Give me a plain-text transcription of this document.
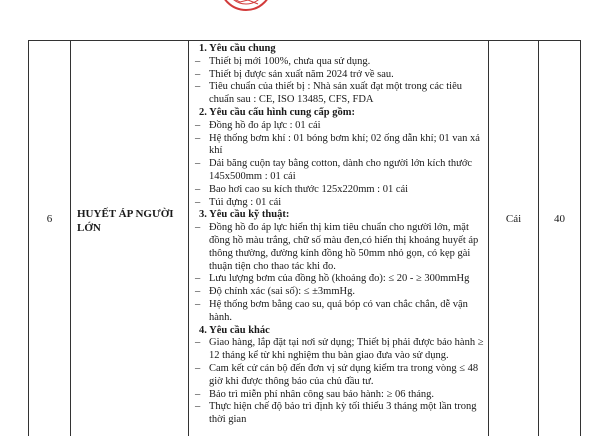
6	HUYẾT ÁP NGƯỜI LỚN
1. Yêu cầu chung
– Thiết bị mới 100%, chưa qua sử dụng.
– Thiết bị được sản xuất năm 2024 trở về sau.
– Tiêu chuẩn của thiết bị : Nhà sản xuất đạt một trong các tiêu chuẩn sau : CE, ISO 13485, CFS, FDA
2. Yêu cầu cấu hình cung cấp gồm:
– Đồng hồ đo áp lực : 01 cái
– Hệ thống bơm khí : 01 bóng bơm khí; 02 ống dẫn khí; 01 van xả khí
– Dải băng cuộn tay bằng cotton, dành cho người lớn kích thước 145x500mm : 01 cái
– Bao hơi cao su kích thước 125x220mm : 01 cái
– Túi đựng : 01 cái
3. Yêu cầu kỹ thuật:
– Đồng hồ đo áp lực hiển thị kim tiêu chuẩn cho người lớn, mặt đồng hồ màu trắng, chữ số màu đen,có hiển thị khoảng huyết áp thông thường, đường kính đồng hồ 50mm nhỏ gọn, có kẹp gài thuận tiện cho thao tác khi đo.
– Lưu lượng bơm của đồng hồ (khoảng đo): ≤ 20 - ≥ 300mmHg
– Độ chính xác (sai số): ≤ ±3mmHg.
– Hệ thống bơm bằng cao su, quả bóp có van chắc chắn, dễ vận hành.
4. Yêu cầu khác
– Giao hàng, lắp đặt tại nơi sử dụng; Thiết bị phải được bảo hành ≥ 12 tháng kể từ khi nghiệm thu bàn giao đưa vào sử dụng.
– Cam kết cử cán bộ đến đơn vị sử dụng kiểm tra trong vòng ≤ 48 giờ khi được thông báo của chủ đầu tư.
– Bảo trì miễn phí nhân công sau bảo hành: ≥ 06 tháng.
– Thực hiện chế độ bảo trì định kỳ tối thiểu 3 tháng một lần trong thời gian
Cái	40
